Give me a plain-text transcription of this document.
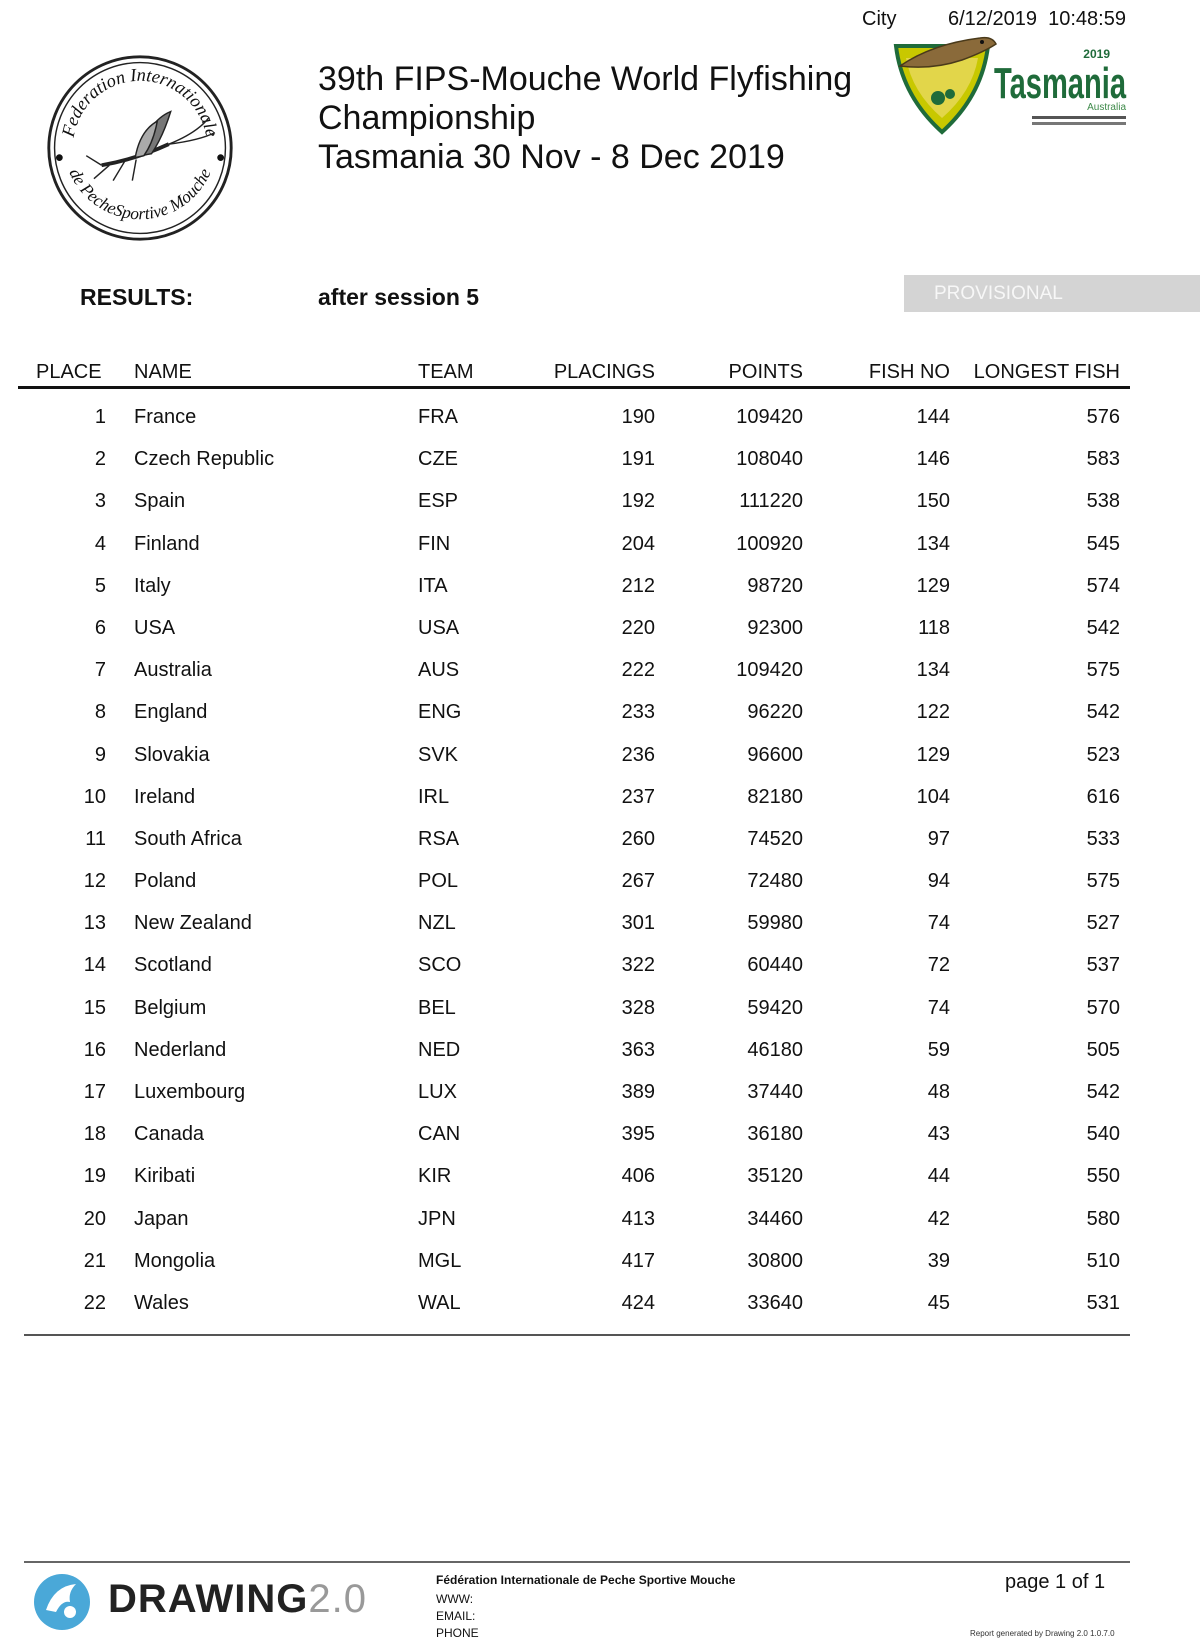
City	6/12/2019 10:48:59
Federation Internationale
de PecheSportive Mouche
39th FIPS-Mouche World Flyfishing
Championship
Tasmania 30 Nov - 8 Dec 2019
2019
Tasmania
Australia
RESULTS:	after session 5	PROVISIONAL
PLACE NAME	TEAM	PLACINGS	POINTS	FISH NO	LONGEST FISH
1 France	FRA	190	109420	144	576
2 Czech Republic	CZE	191	108040	146	583
3 Spain	ESP	192	111220	150	538
4 Finland	FIN	204	100920	134	545
5 Italy	ITA	212	98720	129	574
6 USA	USA	220	92300	118	542
7 Australia	AUS	222	109420	134	575
8 England	ENG	233	96220	122	542
9 Slovakia	SVK	236	96600	129	523
10 Ireland	IRL	237	82180	104	616
11 South Africa	RSA	260	74520	97	533
12 Poland	POL	267	72480	94	575
13 New Zealand	NZL	301	59980	74	527
14 Scotland	SCO	322	60440	72	537
15 Belgium	BEL	328	59420	74	570
16 Nederland	NED	363	46180	59	505
17 Luxembourg	LUX	389	37440	48	542
18 Canada	CAN	395	36180	43	540
19 Kiribati	KIR	406	35120	44	550
20 Japan	JPN	413	34460	42	580
21 Mongolia	MGL	417	30800	39	510
22 Wales	WAL	424	33640	45	531
DRAWING2.0	Fédération Internationale de Peche Sportive Mouche
WWW:
EMAIL:
PHONE
page 1 of 1
Report generated by Drawing 2.0 1.0.7.0
